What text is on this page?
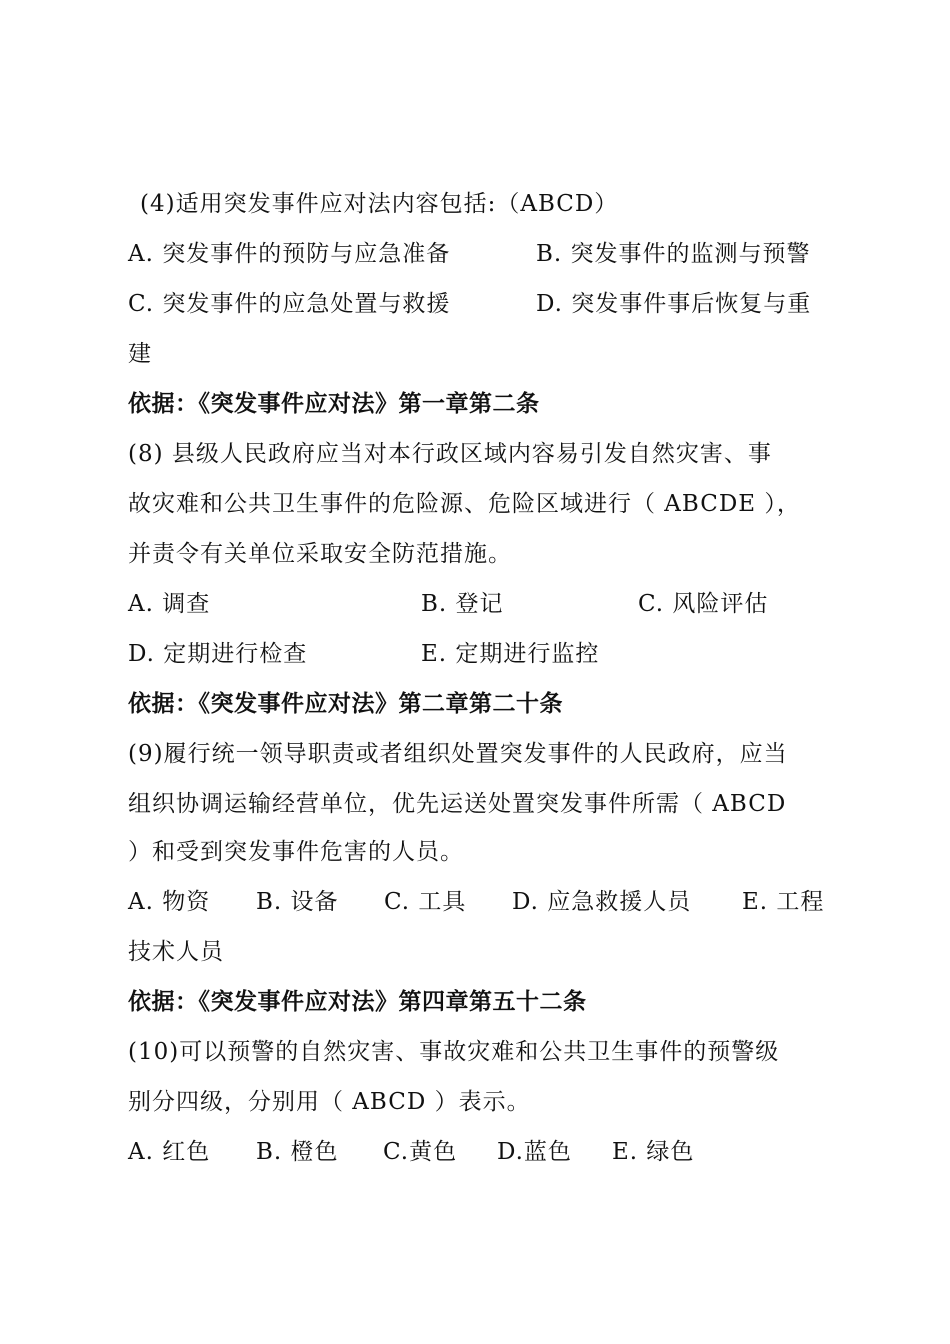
(4)适用突发事件应对法内容包括:（ABCD）
A. 突发事件的预防与应急准备	B. 突发事件的监测与预警
C. 突发事件的应急处置与救援	D. 突发事件事后恢复与重
建
依据：《突发事件应对法》第一章第二条
(8) 县级人民政府应当对本行政区域内容易引发自然灾害、事
故灾难和公共卫生事件的危险源、危险区域进行（ ABCDE ），
并责令有关单位采取安全防范措施。
A. 调查	B. 登记	C. 风险评估
D. 定期进行检查	E. 定期进行监控
依据：《突发事件应对法》第二章第二十条
(9)履行统一领导职责或者组织处置突发事件的人民政府，应当
组织协调运输经营单位，优先运送处置突发事件所需（ ABCD
）和受到突发事件危害的人员。
A. 物资 B. 设备 C. 工具 D. 应急救援人员 E. 工程
技术人员
依据：《突发事件应对法》第四章第五十二条
(10)可以预警的自然灾害、事故灾难和公共卫生事件的预警级
别分四级，分别用（ ABCD ）表示。
A. 红色 B. 橙色 C.黄色 D.蓝色 E. 绿色
